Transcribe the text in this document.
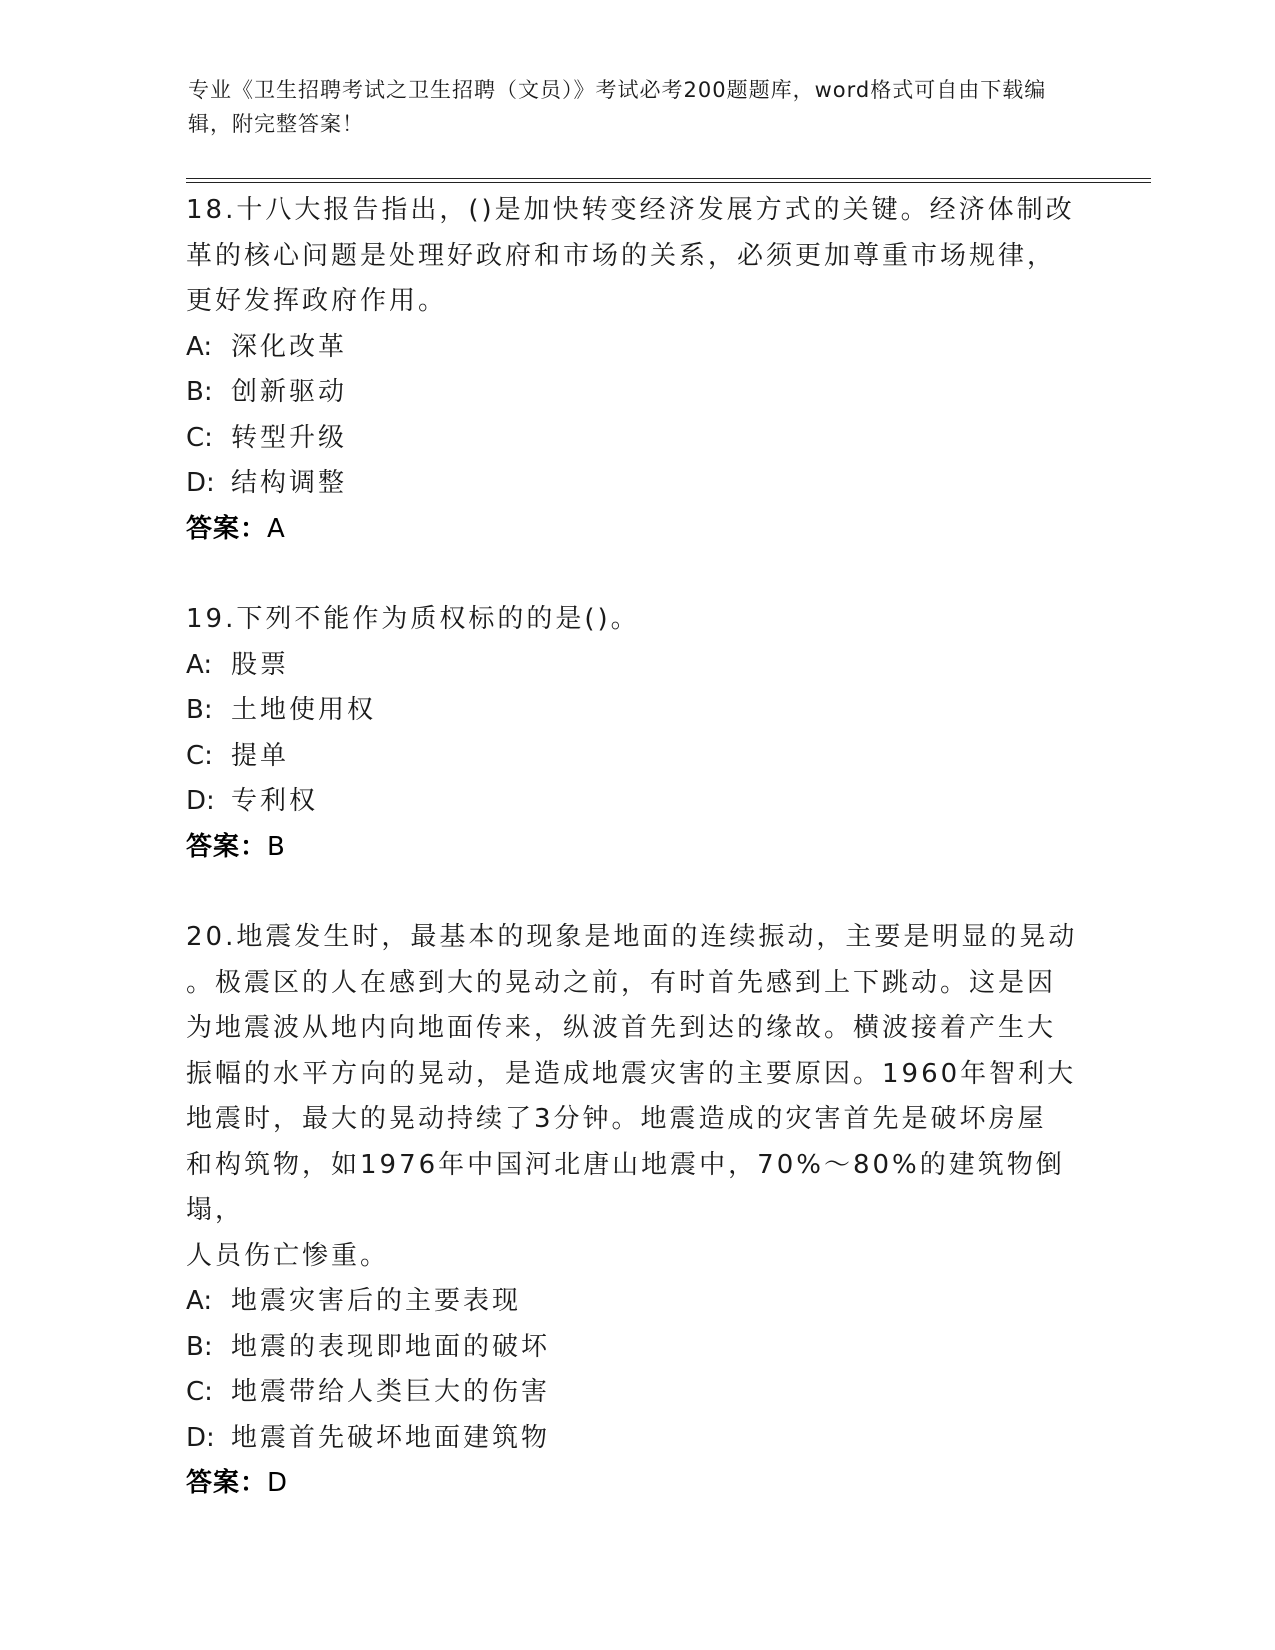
专业《卫生招聘考试之卫生招聘（文员）》考试必考200题题库，word格式可自由下载编辑，附完整答案！

18.十八大报告指出，()是加快转变经济发展方式的关键。经济体制改

革的核心问题是处理好政府和市场的关系，必须更加尊重市场规律，

更好发挥政府作用。

A: 深化改革
B: 创新驱动
C: 转型升级
D: 结构调整

答案：A

19.下列不能作为质权标的的是()。

A: 股票
B: 土地使用权
C: 提单
D: 专利权

答案：B

20.地震发生时，最基本的现象是地面的连续振动，主要是明显的晃动

。极震区的人在感到大的晃动之前，有时首先感到上下跳动。这是因

为地震波从地内向地面传来，纵波首先到达的缘故。横波接着产生大

振幅的水平方向的晃动，是造成地震灾害的主要原因。1960年智利大

地震时，最大的晃动持续了3分钟。地震造成的灾害首先是破坏房屋

和构筑物，如1976年中国河北唐山地震中，70%～80%的建筑物倒塌，

人员伤亡惨重。

A: 地震灾害后的主要表现
B: 地震的表现即地面的破坏
C: 地震带给人类巨大的伤害
D: 地震首先破坏地面建筑物

答案：D
